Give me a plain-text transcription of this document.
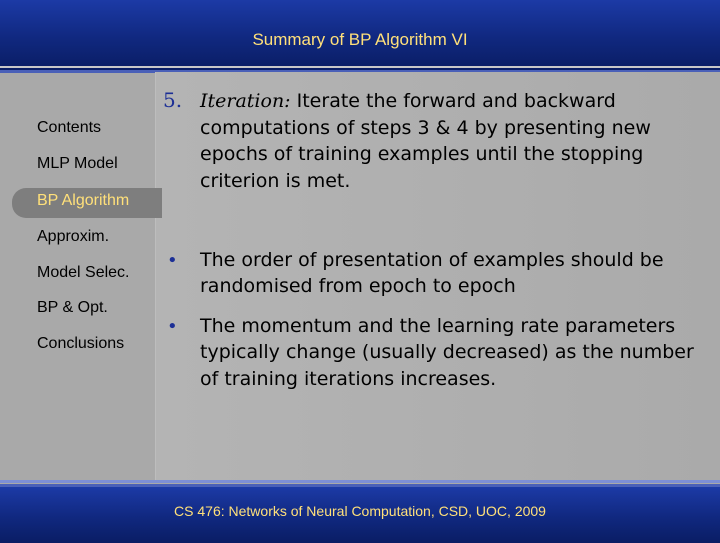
Summary of BP Algorithm VI
Contents
MLP Model
BP Algorithm
Approxim.
Model Selec.
BP & Opt.
Conclusions
5. Iteration: Iterate the forward and backward
computations of steps 3 & 4 by presenting new
epochs of training examples until the stopping
criterion is met.
• The order of presentation of examples should be
randomised from epoch to epoch
• The momentum and the learning rate parameters
typically change (usually decreased) as the number
of training iterations increases.
CS 476: Networks of Neural Computation, CSD, UOC, 2009
